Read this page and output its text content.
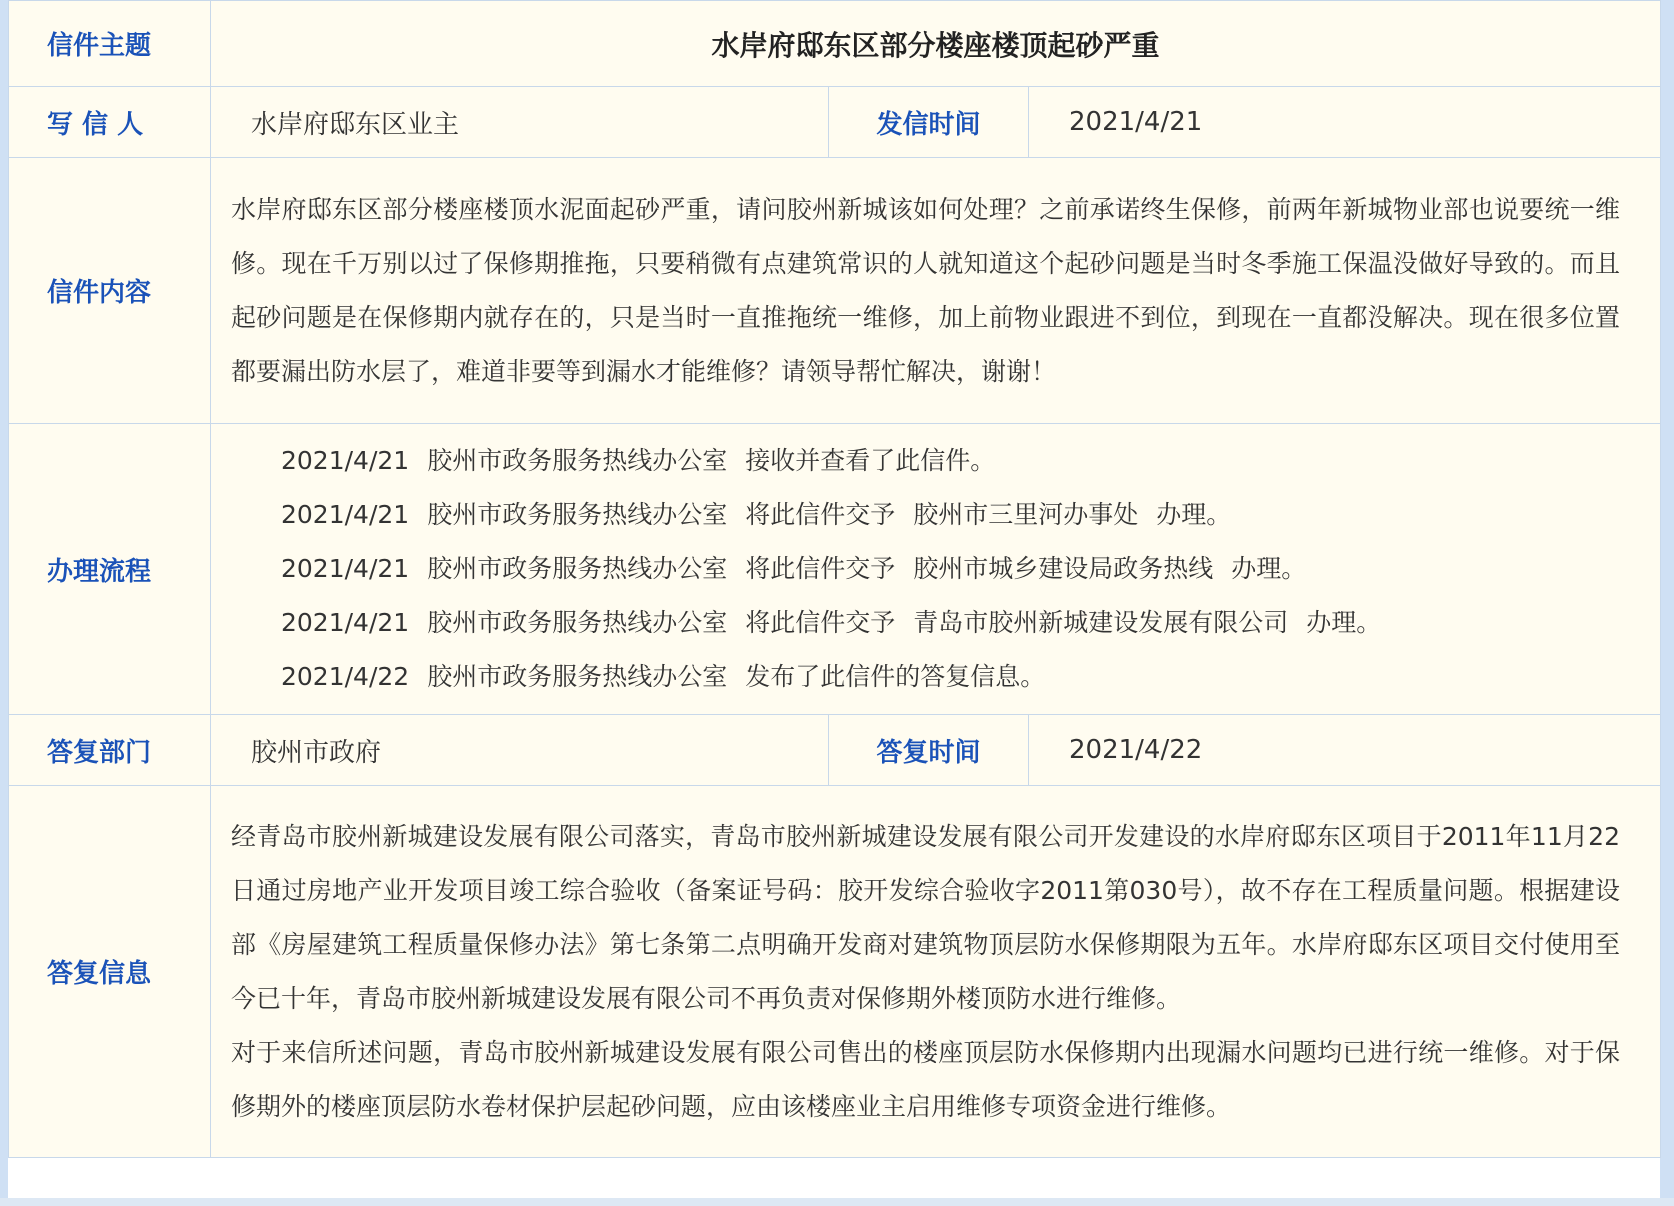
信件主题	水岸府邸东区部分楼座楼顶起砂严重		
写 信 人	水岸府邸东区业主	发信时间	2021/4/21
信件内容	水岸府邸东区部分楼座楼顶水泥面起砂严重，请问胶州新城该如何处理？之前承诺终生保修，前两年新城物业部也说要统一维修。现在千万别以过了保修期推拖，只要稍微有点建筑常识的人就知道这个起砂问题是当时冬季施工保温没做好导致的。而且起砂问题是在保修期内就存在的，只是当时一直推拖统一维修，加上前物业跟进不到位，到现在一直都没解决。现在很多位置都要漏出防水层了，难道非要等到漏水才能维修？请领导帮忙解决，谢谢！		

办理流程	2021/4/21 胶州市政务服务热线办公室 接收并查看了此信件。
2021/4/21 胶州市政务服务热线办公室 将此信件交予 胶州市三里河办事处 办理。
2021/4/21 胶州市政务服务热线办公室 将此信件交予 胶州市城乡建设局政务热线 办理。
2021/4/21 胶州市政务服务热线办公室 将此信件交予 青岛市胶州新城建设发展有限公司 办理。
2021/4/22 胶州市政务服务热线办公室 发布了此信件的答复信息。		

答复部门	胶州市政府	答复时间	2021/4/22
答复信息	经青岛市胶州新城建设发展有限公司落实，青岛市胶州新城建设发展有限公司开发建设的水岸府邸东区项目于2011年11月22日通过房地产业开发项目竣工综合验收（备案证号码：胶开发综合验收字2011第030号），故不存在工程质量问题。根据建设部《房屋建筑工程质量保修办法》第七条第二点明确开发商对建筑物顶层防水保修期限为五年。水岸府邸东区项目交付使用至今已十年，青岛市胶州新城建设发展有限公司不再负责对保修期外楼顶防水进行维修。

对于来信所述问题，青岛市胶州新城建设发展有限公司售出的楼座顶层防水保修期内出现漏水问题均已进行统一维修。对于保修期外的楼座顶层防水卷材保护层起砂问题，应由该楼座业主启用维修专项资金进行维修。		
